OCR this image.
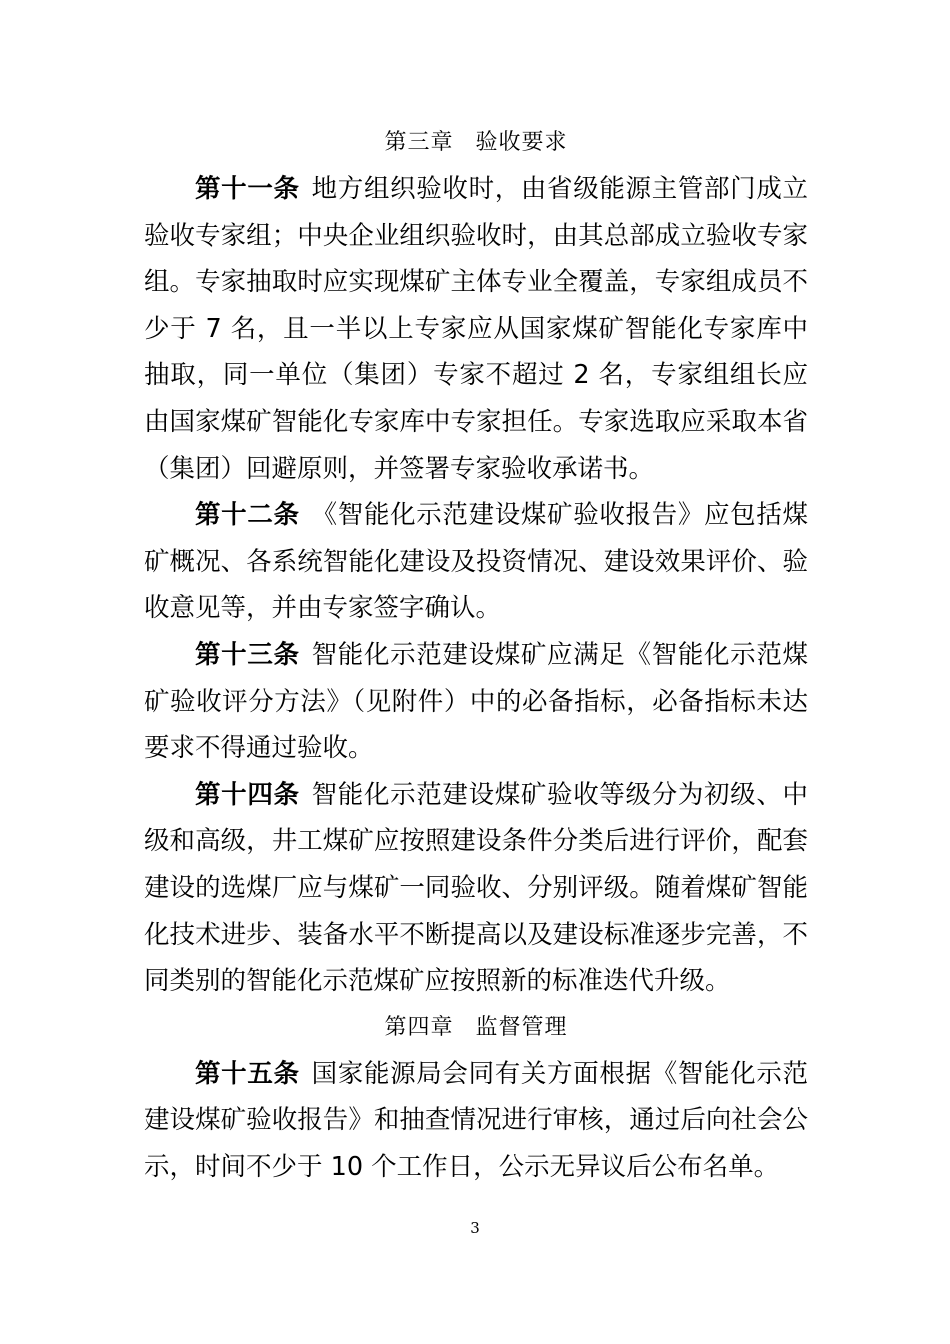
第三章 验收要求

第十一条 地方组织验收时，由省级能源主管部门成立验收专家组；中央企业组织验收时，由其总部成立验收专家组。专家抽取时应实现煤矿主体专业全覆盖，专家组成员不少于 7 名，且一半以上专家应从国家煤矿智能化专家库中抽取，同一单位（集团）专家不超过 2 名，专家组组长应由国家煤矿智能化专家库中专家担任。专家选取应采取本省（集团）回避原则，并签署专家验收承诺书。

第十二条 《智能化示范建设煤矿验收报告》应包括煤矿概况、各系统智能化建设及投资情况、建设效果评价、验收意见等，并由专家签字确认。

第十三条 智能化示范建设煤矿应满足《智能化示范煤矿验收评分方法》（见附件）中的必备指标，必备指标未达要求不得通过验收。

第十四条 智能化示范建设煤矿验收等级分为初级、中级和高级，井工煤矿应按照建设条件分类后进行评价，配套建设的选煤厂应与煤矿一同验收、分别评级。随着煤矿智能化技术进步、装备水平不断提高以及建设标准逐步完善，不同类别的智能化示范煤矿应按照新的标准迭代升级。

第四章 监督管理

第十五条 国家能源局会同有关方面根据《智能化示范建设煤矿验收报告》和抽查情况进行审核，通过后向社会公示，时间不少于 10 个工作日，公示无异议后公布名单。

3
